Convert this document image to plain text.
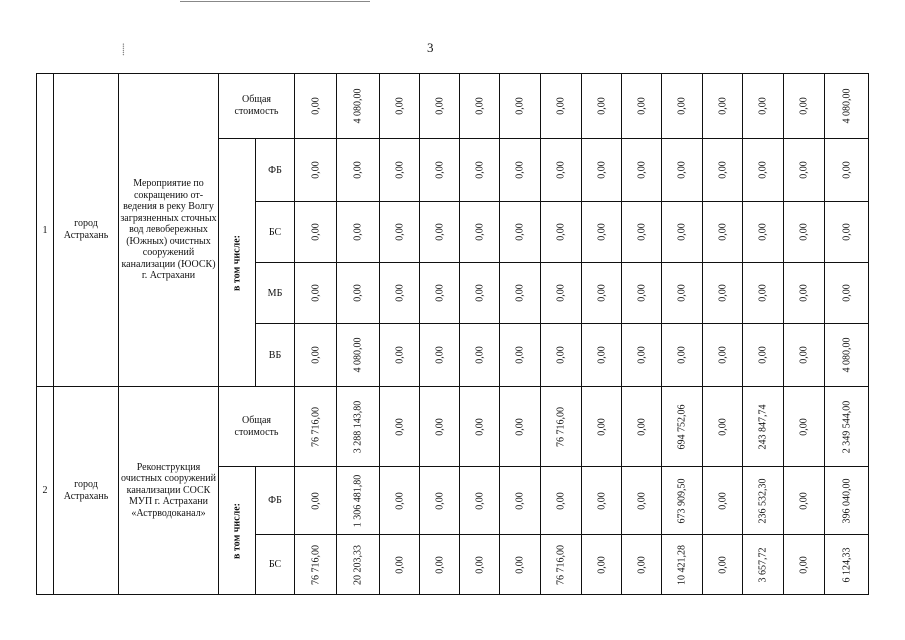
⸽	3
1	город Астрахань	Мероприятие по сокращению от-ведения в реку Волгу загрязненных сточных вод левобережных (Южных) очистных сооружений канализации (ЮОСК) г. Астрахани	Общая стоимость		0,00	4 080,00	0,00	0,00	0,00	0,00	0,00	0,00	0,00	0,00	0,00	0,00	0,00	4 080,00

			в том числе:	ФБ	0,00	0,00	0,00	0,00	0,00	0,00	0,00	0,00	0,00	0,00	0,00	0,00	0,00	0,00

				БС	0,00	0,00	0,00	0,00	0,00	0,00	0,00	0,00	0,00	0,00	0,00	0,00	0,00	0,00

				МБ	0,00	0,00	0,00	0,00	0,00	0,00	0,00	0,00	0,00	0,00	0,00	0,00	0,00	0,00

				ВБ	0,00	4 080,00	0,00	0,00	0,00	0,00	0,00	0,00	0,00	0,00	0,00	0,00	0,00	4 080,00

2	город Астрахань	Реконструкция очистных сооружений канализации СОСК МУП г. Астрахани «Астрводоканал»	Общая стоимость		76 716,00	3 288 143,80	0,00	0,00	0,00	0,00	76 716,00	0,00	0,00	694 752,06	0,00	243 847,74	0,00	2 349 544,00

			в том числе:	ФБ	0,00	1 306 481,80	0,00	0,00	0,00	0,00	0,00	0,00	0,00	673 909,50	0,00	236 532,30	0,00	396 040,00

				БС	76 716,00	20 203,33	0,00	0,00	0,00	0,00	76 716,00	0,00	0,00	10 421,28	0,00	3 657,72	0,00	6 124,33
